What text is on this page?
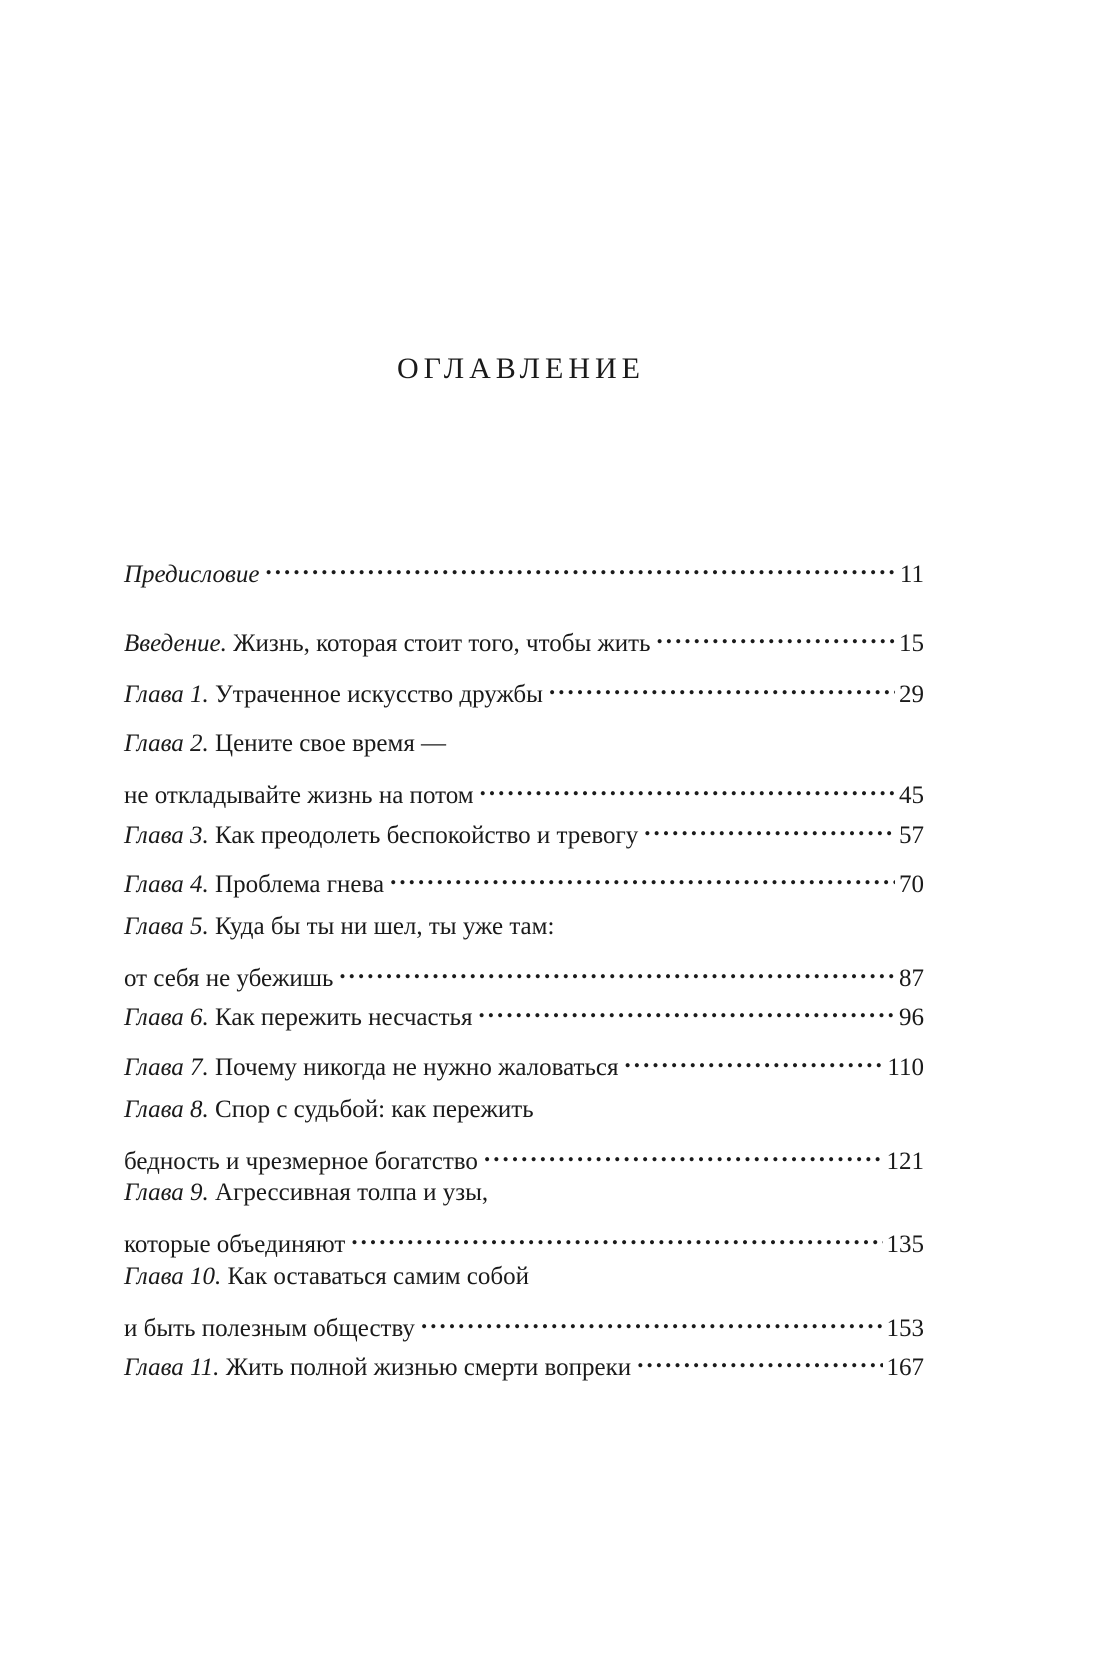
ОГЛАВЛЕНИЕ
Предисловие . . .	11
Введение. Жизнь, которая стоит того, чтобы жить . . .	15
Глава 1. Утраченное искусство дружбы . . .	29
Глава 2. Цените свое время —
не откладывайте жизнь на потом . . .	45
Глава 3. Как преодолеть беспокойство и тревогу . . .	57
Глава 4. Проблема гнева . . .	70
Глава 5. Куда бы ты ни шел, ты уже там:
от себя не убежишь . . .	87
Глава 6. Как пережить несчастья . . .	96
Глава 7. Почему никогда не нужно жаловаться . . .	110
Глава 8. Спор с судьбой: как пережить
бедность и чрезмерное богатство . . .	121
Глава 9. Агрессивная толпа и узы,
которые объединяют . . .	135
Глава 10. Как оставаться самим собой
и быть полезным обществу . . .	153
Глава 11. Жить полной жизнью смерти вопреки . . .	167
